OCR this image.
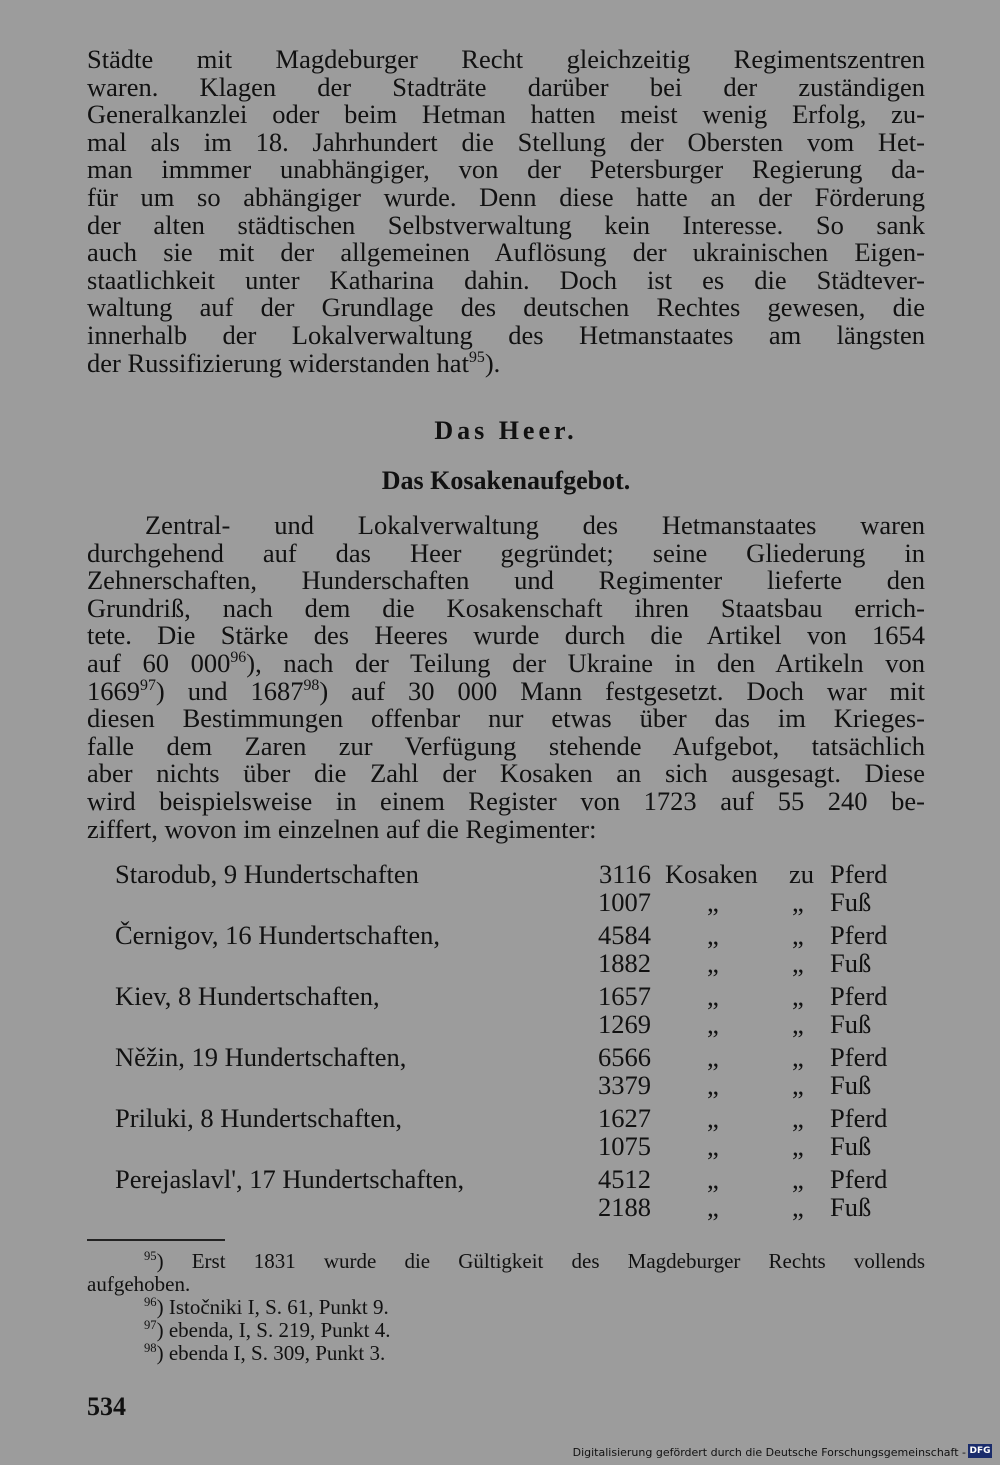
Städte mit Magdeburger Recht gleichzeitig Regimentszentren
waren. Klagen der Stadträte darüber bei der zuständigen
Generalkanzlei oder beim Hetman hatten meist wenig Erfolg, zu-
mal als im 18. Jahrhundert die Stellung der Obersten vom Het-
man immmer unabhängiger, von der Petersburger Regierung da-
für um so abhängiger wurde. Denn diese hatte an der Förderung
der alten städtischen Selbstverwaltung kein Interesse. So sank
auch sie mit der allgemeinen Auflösung der ukrainischen Eigen-
staatlichkeit unter Katharina dahin. Doch ist es die Städtever-
waltung auf der Grundlage des deutschen Rechtes gewesen, die
innerhalb der Lokalverwaltung des Hetmanstaates am längsten
der Russifizierung widerstanden hat$^{95}$).
Das Heer.
Das Kosakenaufgebot.
Zentral- und Lokalverwaltung des Hetmanstaates waren
durchgehend auf das Heer gegründet; seine Gliederung in
Zehnerschaften, Hunderschaften und Regimenter lieferte den
Grundriß, nach dem die Kosakenschaft ihren Staatsbau errich-
tete. Die Stärke des Heeres wurde durch die Artikel von 1654
auf 60 $000^{96}$), nach der Teilung der Ukraine in den Artikeln von
1669$^{97}$) und 1687$^{98}$) auf 30 000 Mann festgesetzt. Doch war mit
diesen Bestimmungen offenbar nur etwas über das im Krieges-
falle dem Zaren zur Verfügung stehende Aufgebot, tatsächlich
aber nichts über die Zahl der Kosaken an sich ausgesagt. Diese
wird beispielsweise in einem Register von 1723 auf 55 240 be-
ziffert, wovon im einzelnen auf die Regimenter:
Starodub, 9 Hundertschaften	3116 Kosaken zu Pferd
1007 „	„ Fuß
Černigov, 16 Hundertschaften,	4584 „	„ Pferd
1882 „	„ Fuß
Kiev, 8 Hundertschaften,	1657 „	„ Pferd
1269 „	„ Fuß
Něžin, 19 Hundertschaften,	6566 „	„ Pferd
3379 „	„ Fuß
Priluki, 8 Hundertschaften,	1627 „	„ Pferd
1075 „	„ Fuß
Perejaslavl', 17 Hundertschaften,	4512 „	„ Pferd
2188 „	„ Fuß

$^{95}$) Erst 1831 wurde die Gültigkeit des Magdeburger Rechts vollends
aufgehoben.

$^{96}$) Istočniki I, S. 61, Punkt 9.

$^{97}$) ebenda, I, S. 219, Punkt 4.

$^{98}$) ebenda I, S. 309, Punkt 3.

534
Digitalisierung gefördert durch die Deutsche Forschungsgemeinschaft - DFG
